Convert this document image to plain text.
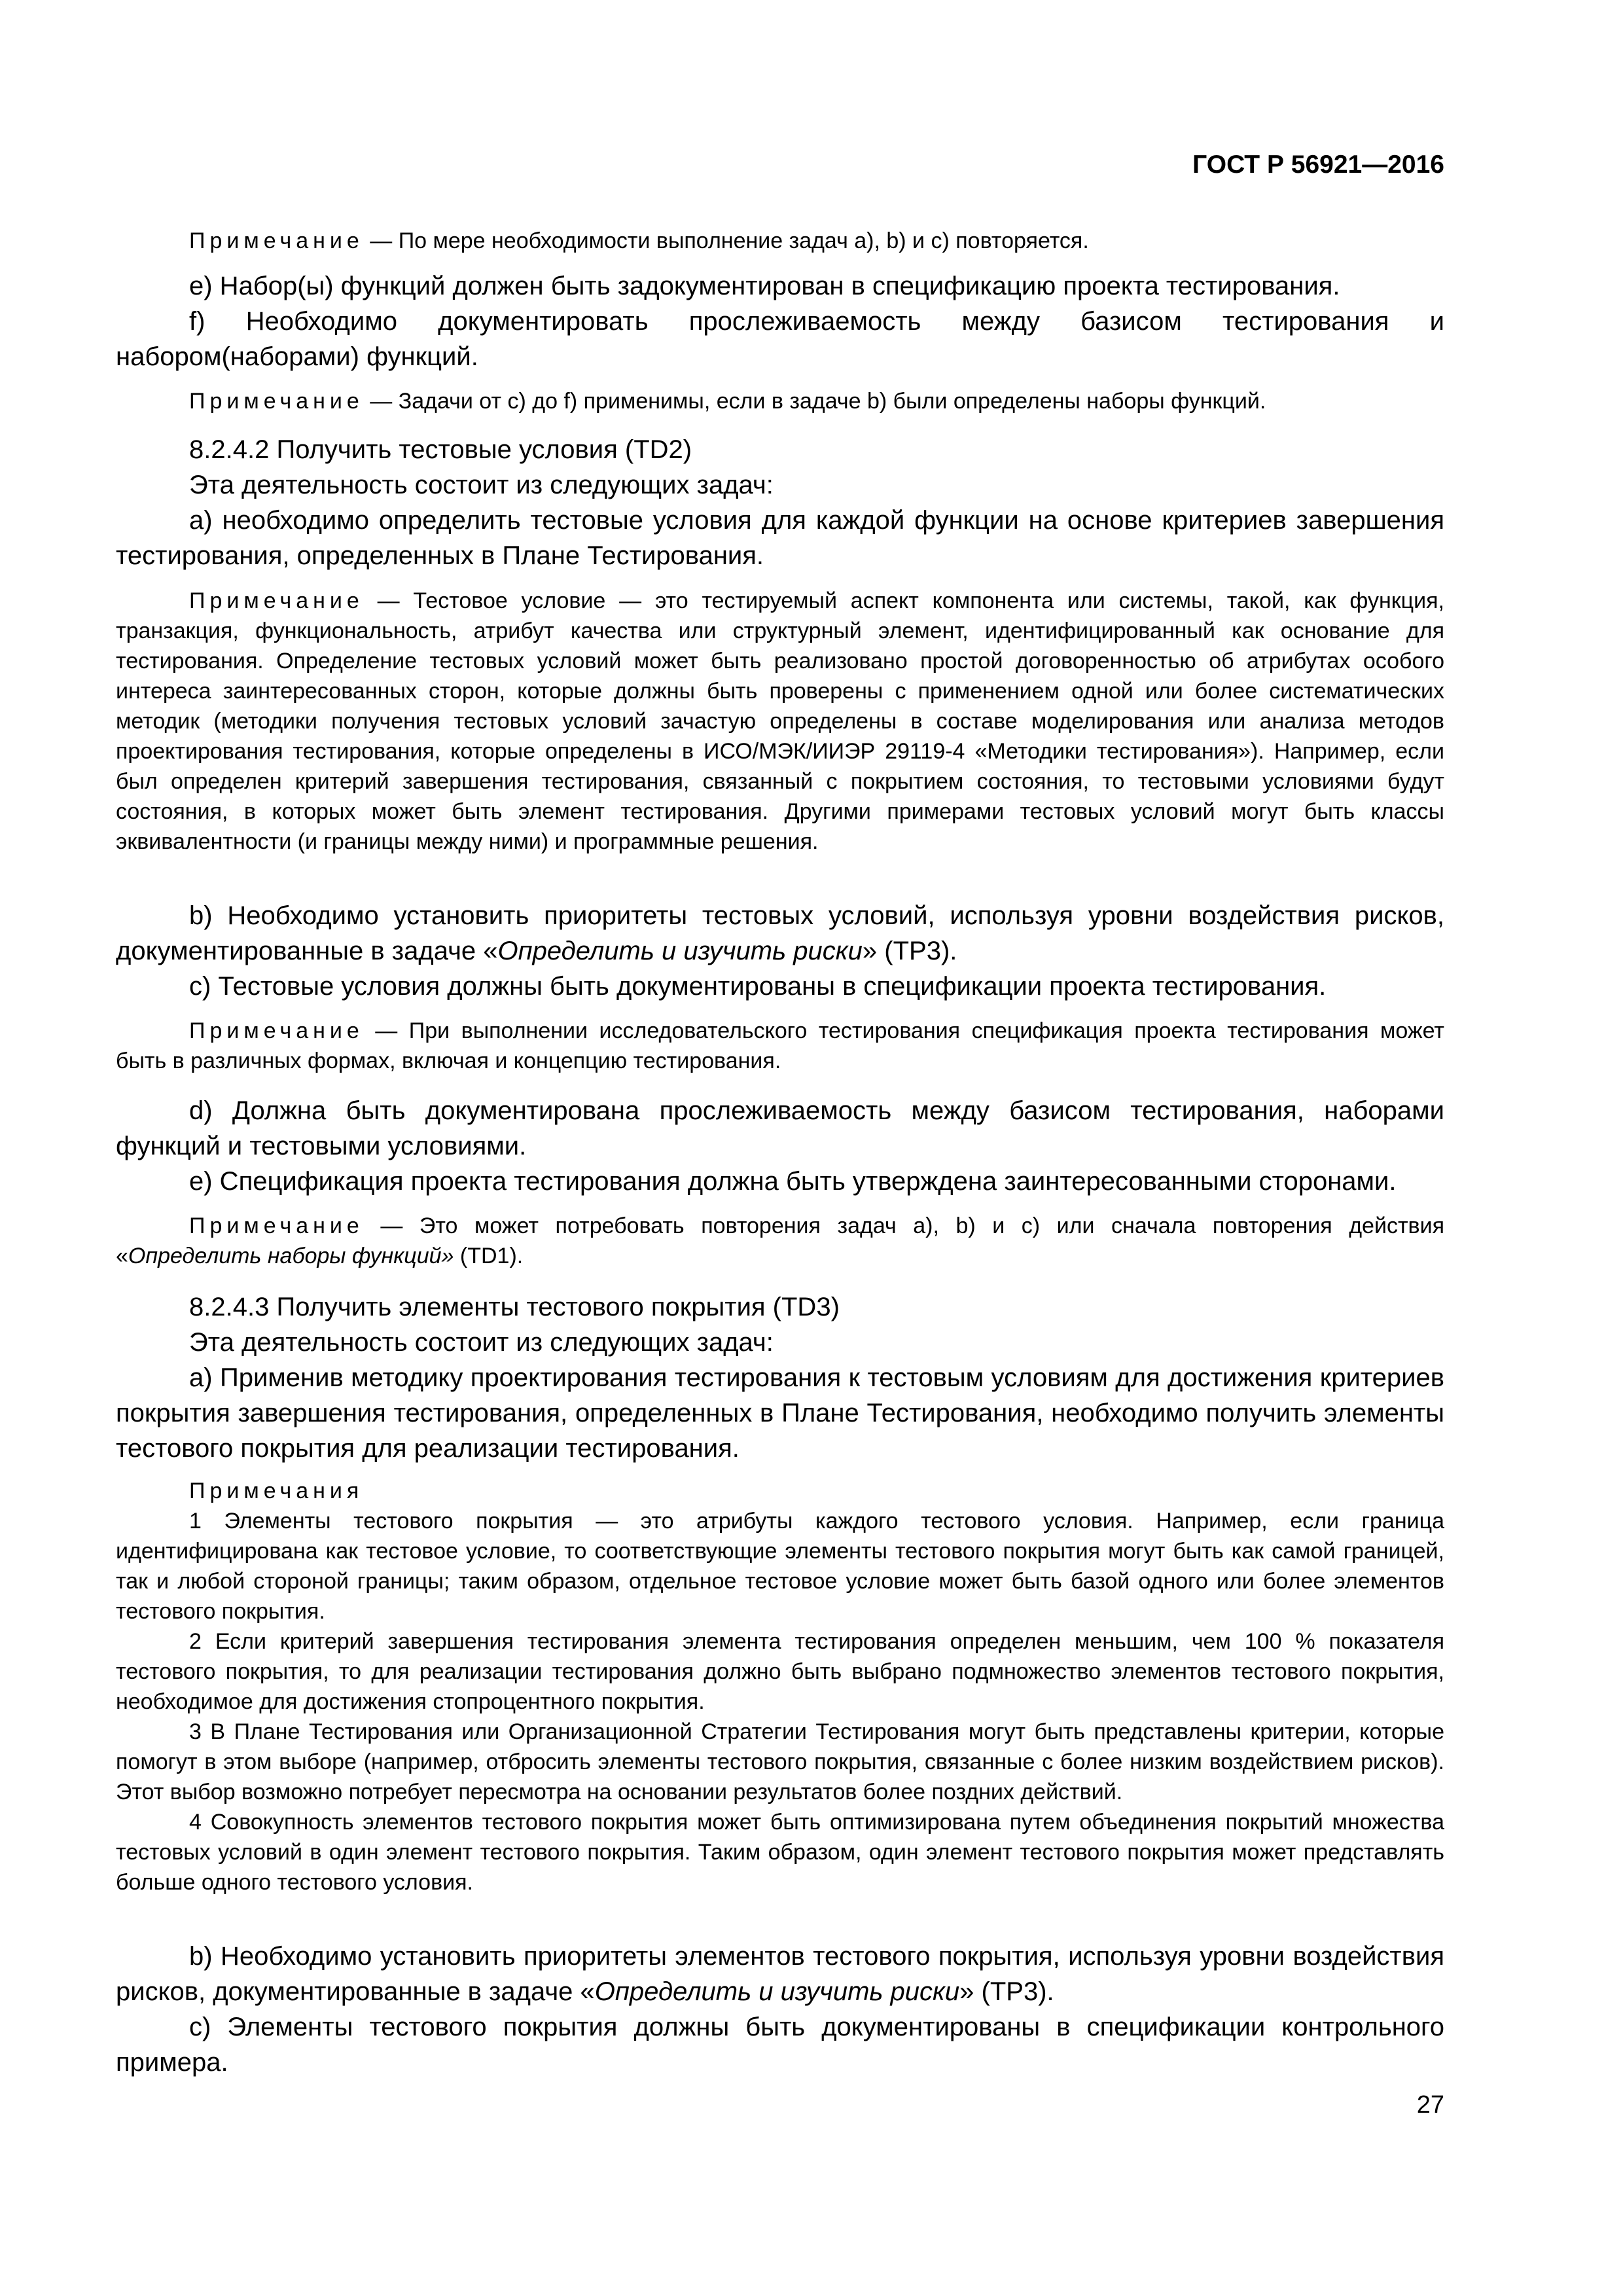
ГОСТ Р 56921—2016

Примечание — По мере необходимости выполнение задач а), b) и с) повторяется.

e) Набор(ы) функций должен быть задокументирован в спецификацию проекта тестирования.

f) Необходимо документировать прослеживаемость между базисом тестирования и набором(наборами) функций.

Примечание — Задачи от с) до f) применимы, если в задаче b) были определены наборы функций.

8.2.4.2 Получить тестовые условия (TD2)

Эта деятельность состоит из следующих задач:

а) необходимо определить тестовые условия для каждой функции на основе критериев завершения тестирования, определенных в Плане Тестирования.

Примечание — Тестовое условие — это тестируемый аспект компонента или системы, такой, как функция, транзакция, функциональность, атрибут качества или структурный элемент, идентифицированный как основание для тестирования. Определение тестовых условий может быть реализовано простой договоренностью об атрибутах особого интереса заинтересованных сторон, которые должны быть проверены с применением одной или более систематических методик (методики получения тестовых условий зачастую определены в составе моделирования или анализа методов проектирования тестирования, которые определены в ИСО/МЭК/ИИЭР 29119-4 «Методики тестирования»). Например, если был определен критерий завершения тестирования, связанный с покрытием состояния, то тестовыми условиями будут состояния, в которых может быть элемент тестирования. Другими примерами тестовых условий могут быть классы эквивалентности (и границы между ними) и программные решения.

b) Необходимо установить приоритеты тестовых условий, используя уровни воздействия рисков, документированные в задаче «Определить и изучить риски» (TP3).

c) Тестовые условия должны быть документированы в спецификации проекта тестирования.

Примечание — При выполнении исследовательского тестирования спецификация проекта тестирования может быть в различных формах, включая и концепцию тестирования.

d) Должна быть документирована прослеживаемость между базисом тестирования, наборами функций и тестовыми условиями.

e) Спецификация проекта тестирования должна быть утверждена заинтересованными сторонами.

Примечание — Это может потребовать повторения задач а), b) и с) или сначала повторения действия «Определить наборы функций» (TD1).

8.2.4.3 Получить элементы тестового покрытия (TD3)

Эта деятельность состоит из следующих задач:

а) Применив методику проектирования тестирования к тестовым условиям для достижения критериев покрытия завершения тестирования, определенных в Плане Тестирования, необходимо получить элементы тестового покрытия для реализации тестирования.

Примечания

1 Элементы тестового покрытия — это атрибуты каждого тестового условия. Например, если граница идентифицирована как тестовое условие, то соответствующие элементы тестового покрытия могут быть как самой границей, так и любой стороной границы; таким образом, отдельное тестовое условие может быть базой одного или более элементов тестового покрытия.

2 Если критерий завершения тестирования элемента тестирования определен меньшим, чем 100 % показателя тестового покрытия, то для реализации тестирования должно быть выбрано подмножество элементов тестового покрытия, необходимое для достижения стопроцентного покрытия.

3 В Плане Тестирования или Организационной Стратегии Тестирования могут быть представлены критерии, которые помогут в этом выборе (например, отбросить элементы тестового покрытия, связанные с более низким воздействием рисков). Этот выбор возможно потребует пересмотра на основании результатов более поздних действий.

4 Совокупность элементов тестового покрытия может быть оптимизирована путем объединения покрытий множества тестовых условий в один элемент тестового покрытия. Таким образом, один элемент тестового покрытия может представлять больше одного тестового условия.

b) Необходимо установить приоритеты элементов тестового покрытия, используя уровни воздействия рисков, документированные в задаче «Определить и изучить риски» (TP3).

c) Элементы тестового покрытия должны быть документированы в спецификации контрольного примера.

27
